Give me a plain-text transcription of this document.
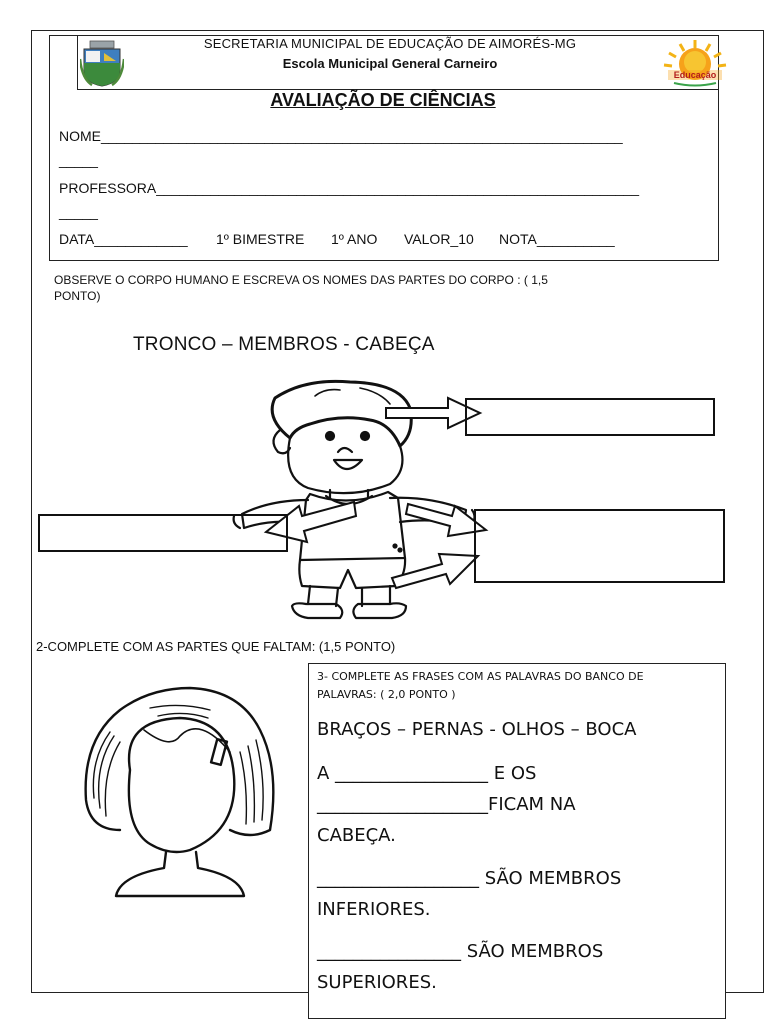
SECRETARIA MUNICIPAL DE EDUCAÇÃO DE AIMORÉS-MG
Escola Municipal General Carneiro
Educação
AVALIAÇÃO DE CIÊNCIAS
NOME___________________________________________________________________
_____
PROFESSORA______________________________________________________________
_____
DATA____________ 1º BIMESTRE 1º ANO VALOR_10 NOTA__________
OBSERVE O CORPO HUMANO E ESCREVA OS NOMES DAS PARTES DO CORPO : ( 1,5
PONTO)
TRONCO – MEMBROS - CABEÇA
2-COMPLETE COM AS PARTES QUE FALTAM: (1,5 PONTO)
3- COMPLETE AS FRASES COM AS PALAVRAS DO BANCO DE
PALAVRAS: ( 2,0 PONTO )
BRAÇOS – PERNAS - OLHOS – BOCA
A _________________ E OS
___________________FICAM NA
CABEÇA.
__________________ SÃO MEMBROS
INFERIORES.
________________ SÃO MEMBROS
SUPERIORES.
